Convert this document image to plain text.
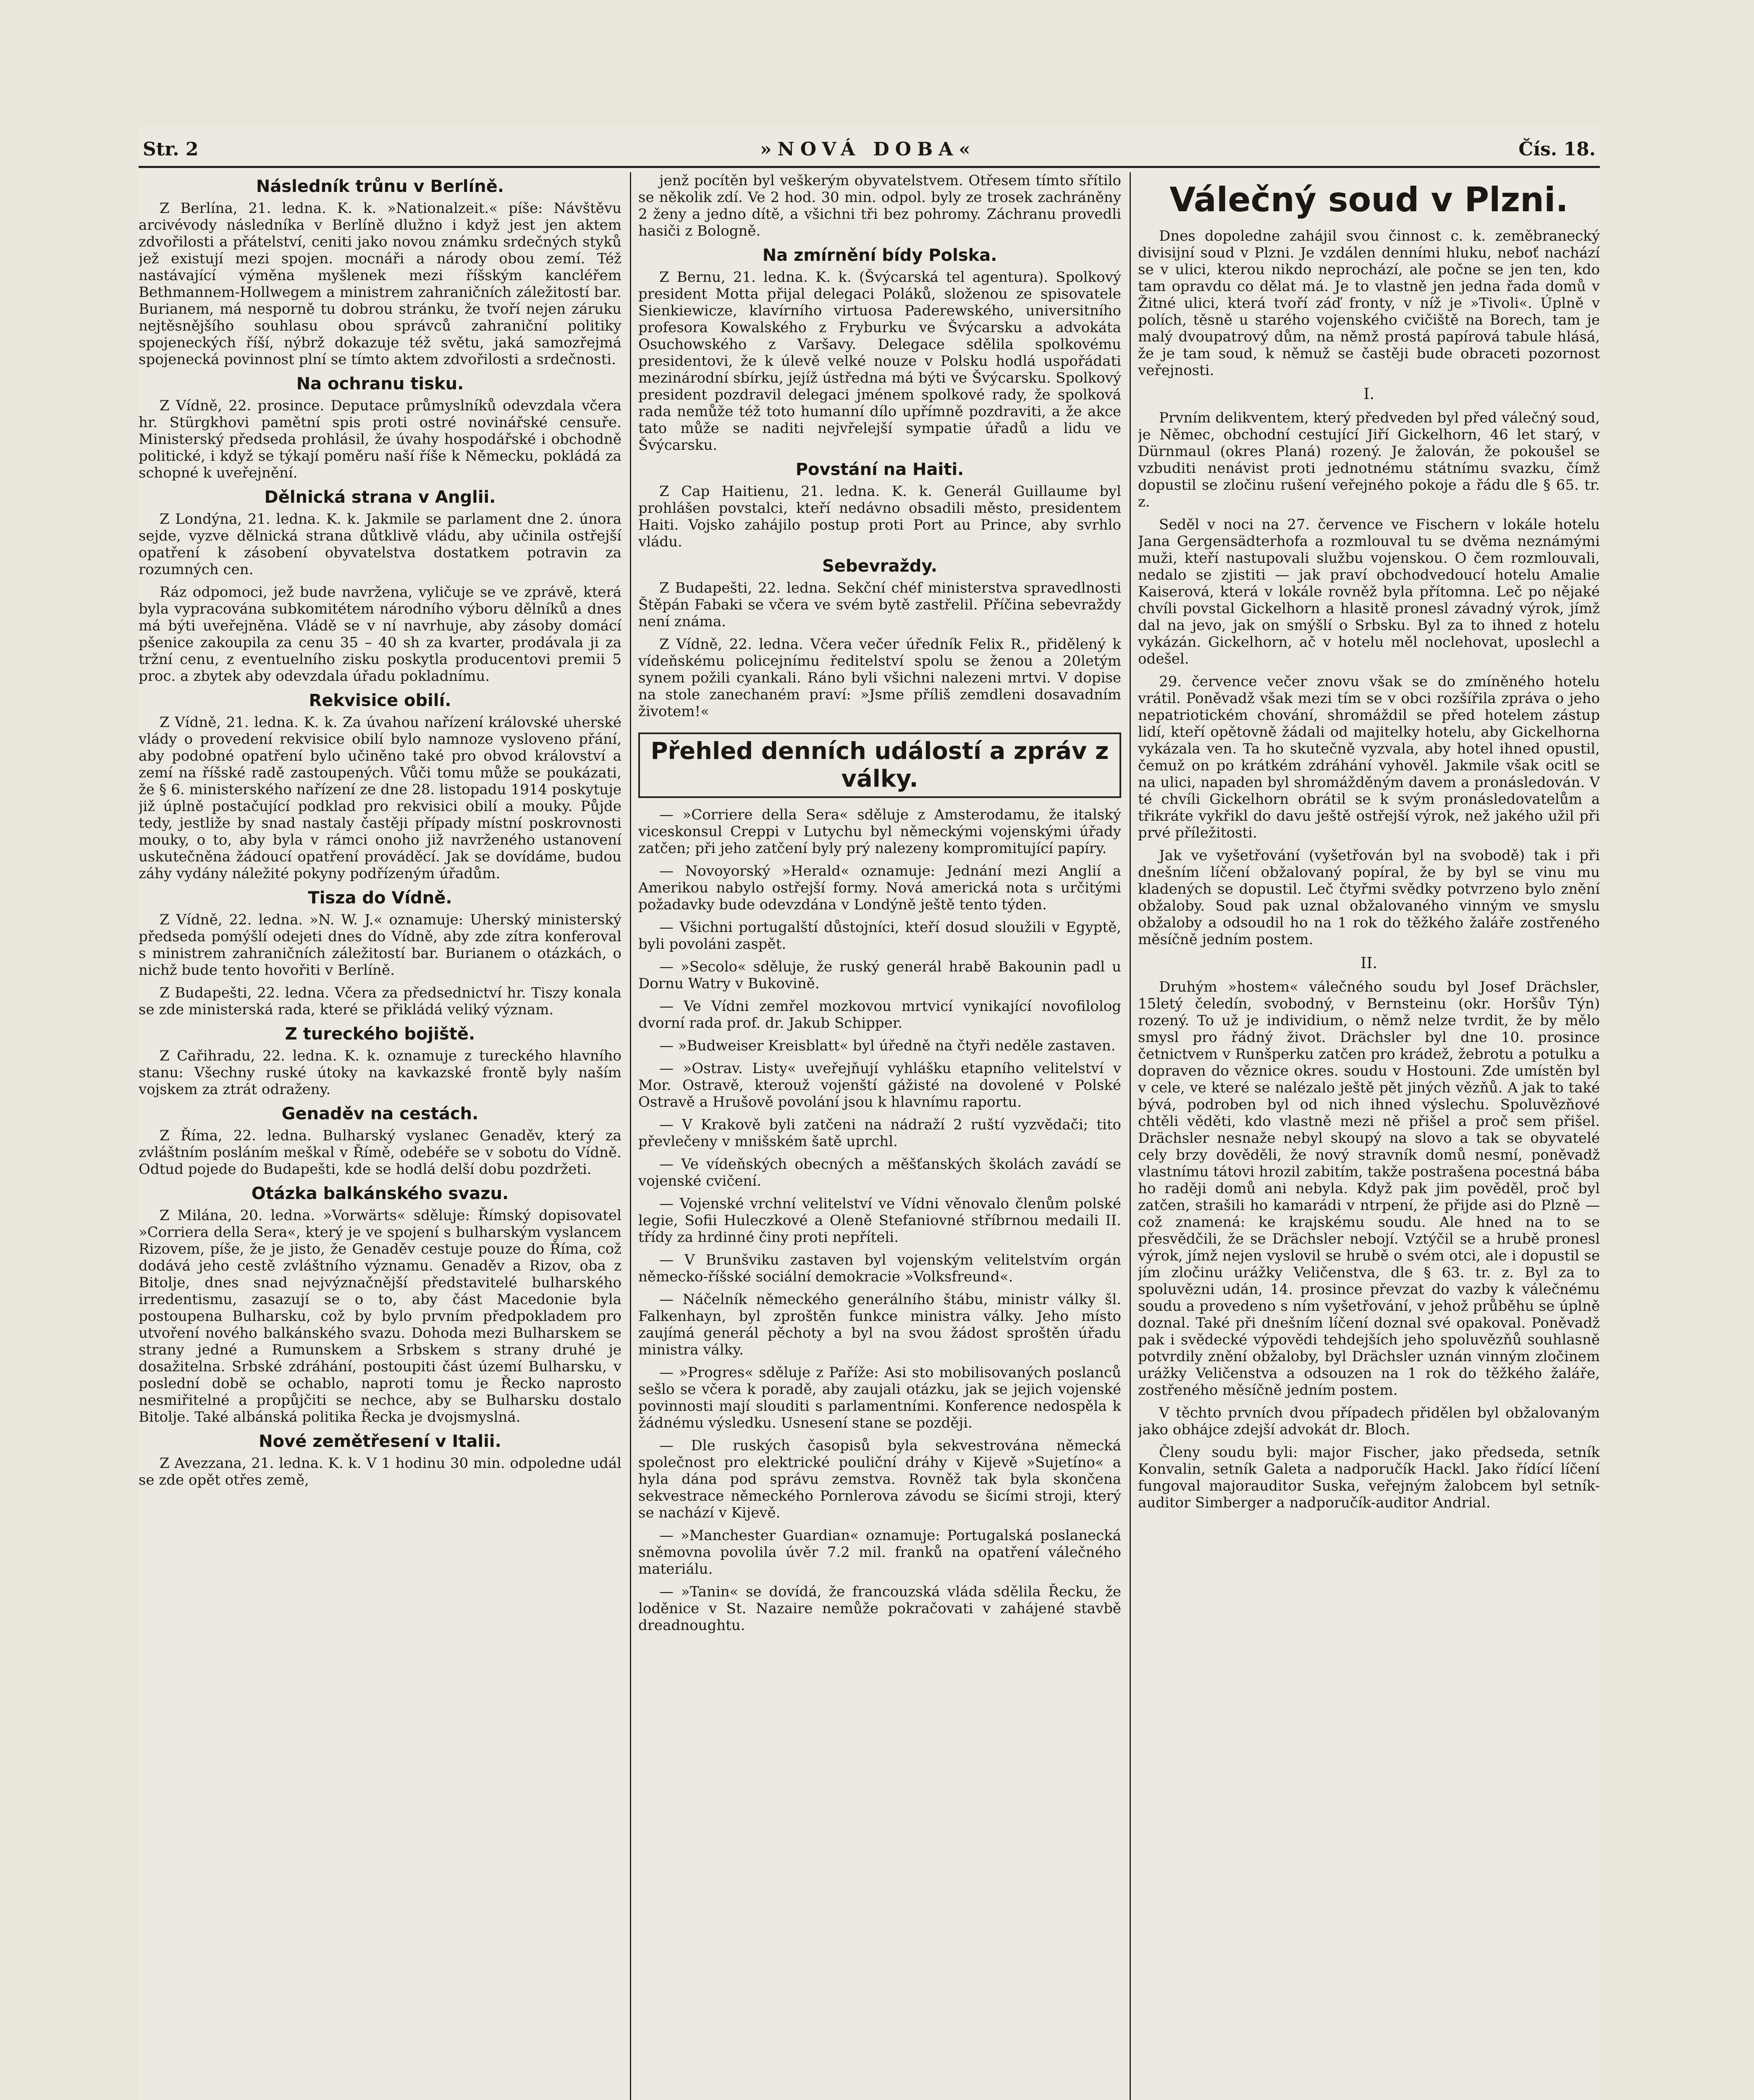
Str. 2	»NOVÁ DOBA«	Čís. 18.
Následník trůnu v Berlíně.

Z Berlína, 21. ledna. K. k. »Nationalzeit.« píše: Návštěvu arcivévody následníka v Berlíně dlužno i když jest jen aktem zdvořilosti a přátelství, ceniti jako novou známku srdečných styků jež existují mezi spojen. mocnáři a národy obou zemí. Též nastávající výměna myšlenek mezi říšským kancléřem Bethmannem-Hollwegem a ministrem zahraničních záležitostí bar. Burianem, má nesporně tu dobrou stránku, že tvoří nejen záruku nejtěsnějšího souhlasu obou správců zahraniční politiky spojeneckých říší, nýbrž dokazuje též světu, jaká samozřejmá spojenecká povinnost plní se tímto aktem zdvořilosti a srdečnosti.

Na ochranu tisku.

Z Vídně, 22. prosince. Deputace průmyslníků odevzdala včera hr. Stürgkhovi pamětní spis proti ostré novinářské censuře. Ministerský předseda prohlásil, že úvahy hospodářské i obchodně politické, i když se týkají poměru naší říše k Německu, pokládá za schopné k uveřejnění.

Dělnická strana v Anglii.

Z Londýna, 21. ledna. K. k. Jakmile se parlament dne 2. února sejde, vyzve dělnická strana důtklivě vládu, aby učinila ostřejší opatření k zásobení obyvatelstva dostatkem potravin za rozumných cen.

Ráz odpomoci, jež bude navržena, vyličuje se ve zprávě, která byla vypracována subkomitétem národního výboru dělníků a dnes má býti uveřejněna. Vládě se v ní navrhuje, aby zásoby domácí pšenice zakoupila za cenu 35 – 40 sh za kvarter, prodávala ji za tržní cenu, z eventuelního zisku poskytla producentovi premii 5 proc. a zbytek aby odevzdala úřadu pokladnímu.

Rekvisice obilí.

Z Vídně, 21. ledna. K. k. Za úvahou nařízení královské uherské vlády o provedení rekvisice obilí bylo namnoze vysloveno přání, aby podobné opatření bylo učiněno také pro obvod království a zemí na říšské radě zastoupených. Vůči tomu může se poukázati, že § 6. ministerského nařízení ze dne 28. listopadu 1914 poskytuje již úplně postačující podklad pro rekvisici obilí a mouky. Půjde tedy, jestliže by snad nastaly častěji případy místní poskrovnosti mouky, o to, aby byla v rámci onoho již navrženého ustanovení uskutečněna žádoucí opatření prováděcí. Jak se dovídáme, budou záhy vydány náležité pokyny podřízeným úřadům.

Tisza do Vídně.

Z Vídně, 22. ledna. »N. W. J.« oznamuje: Uherský ministerský předseda pomýšlí odejeti dnes do Vídně, aby zde zítra konferoval s ministrem zahraničních záležitostí bar. Burianem o otázkách, o nichž bude tento hovořiti v Berlíně.

Z Budapešti, 22. ledna. Včera za předsednictví hr. Tiszy konala se zde ministerská rada, které se přikládá veliký význam.

Z tureckého bojiště.

Z Cařihradu, 22. ledna. K. k. oznamuje z tureckého hlavního stanu: Všechny ruské útoky na kavkazské frontě byly naším vojskem za ztrát odraženy.

Genaděv na cestách.

Z Říma, 22. ledna. Bulharský vyslanec Genaděv, který za zvláštním posláním meškal v Římě, odebéře se v sobotu do Vídně. Odtud pojede do Budapešti, kde se hodlá delší dobu pozdržeti.

Otázka balkánského svazu.

Z Milána, 20. ledna. »Vorwärts« sděluje: Římský dopisovatel »Corriera della Sera«, který je ve spojení s bulharským vyslancem Rizovem, píše, že je jisto, že Genaděv cestuje pouze do Říma, což dodává jeho cestě zvláštního významu. Genaděv a Rizov, oba z Bitolje, dnes snad nejvýznačnější představitelé bulharského irredentismu, zasazují se o to, aby část Macedonie byla postoupena Bulharsku, což by bylo prvním předpokladem pro utvoření nového balkánského svazu. Dohoda mezi Bulharskem se strany jedné a Rumunskem a Srbskem s strany druhé je dosažitelna. Srbské zdráhání, postoupiti část území Bulharsku, v poslední době se ochablo, naproti tomu je Řecko naprosto nesmiřitelné a propůjčiti se nechce, aby se Bulharsku dostalo Bitolje. Také albánská politika Řecka je dvojsmyslná.

Nové zemětřesení v Italii.

Z Avezzana, 21. ledna. K. k. V 1 hodinu 30 min. odpoledne udál se zde opět otřes země,

jenž pocítěn byl veškerým obyvatelstvem. Otřesem tímto sřítilo se několik zdí. Ve 2 hod. 30 min. odpol. byly ze trosek zachráněny 2 ženy a jedno dítě, a všichni tři bez pohromy. Záchranu provedli hasiči z Bologně.

Na zmírnění bídy Polska.

Z Bernu, 21. ledna. K. k. (Švýcarská tel agentura). Spolkový president Motta přijal delegaci Poláků, složenou ze spisovatele Sienkiewicze, klavírního virtuosa Paderewského, universitního profesora Kowalského z Fryburku ve Švýcarsku a advokáta Osuchowského z Varšavy. Delegace sdělila spolkovému presidentovi, že k úlevě velké nouze v Polsku hodlá uspořádati mezinárodní sbírku, jejíž ústředna má býti ve Švýcarsku. Spolkový president pozdravil delegaci jménem spolkové rady, že spolková rada nemůže též toto humanní dílo upřímně pozdraviti, a že akce tato může se naditi nejvřelejší sympatie úřadů a lidu ve Švýcarsku.

Povstání na Haiti.

Z Cap Haitienu, 21. ledna. K. k. Generál Guillaume byl prohlášen povstalci, kteří nedávno obsadili město, presidentem Haiti. Vojsko zahájilo postup proti Port au Prince, aby svrhlo vládu.

Sebevraždy.

Z Budapešti, 22. ledna. Sekční chéf ministerstva spravedlnosti Štěpán Fabaki se včera ve svém bytě zastřelil. Příčina sebevraždy není známa.

Z Vídně, 22. ledna. Včera večer úředník Felix R., přidělený k vídeňskému policejnímu ředitelství spolu se ženou a 20letým synem požili cyankali. Ráno byli všichni nalezeni mrtvi. V dopise na stole zanechaném praví: »Jsme příliš zemdleni dosavadním životem!«

Přehled denních událostí a zpráv z války.

— »Corriere della Sera« sděluje z Amsterodamu, že italský viceskonsul Creppi v Lutychu byl německými vojenskými úřady zatčen; při jeho zatčení byly prý nalezeny kompromitující papíry.

— Novoyorský »Herald« oznamuje: Jednání mezi Anglií a Amerikou nabylo ostřejší formy. Nová americká nota s určitými požadavky bude odevzdána v Londýně ještě tento týden.

— Všichni portugalští důstojníci, kteří dosud sloužili v Egyptě, byli povoláni zaspět.

— »Secolo« sděluje, že ruský generál hrabě Bakounin padl u Dornu Watry v Bukovině.

— Ve Vídni zemřel mozkovou mrtvicí vynikající novofilolog dvorní rada prof. dr. Jakub Schipper.

— »Budweiser Kreisblatt« byl úředně na čtyři neděle zastaven.

— »Ostrav. Listy« uveřejňují vyhlášku etapního velitelství v Mor. Ostravě, kterouž vojenští gážisté na dovolené v Polské Ostravě a Hrušově povolání jsou k hlavnímu raportu.

— V Krakově byli zatčeni na nádraží 2 ruští vyzvědači; tito převlečeny v mnišském šatě uprchl.

— Ve vídeňských obecných a měšťanských školách zavádí se vojenské cvičení.

— Vojenské vrchní velitelství ve Vídni věnovalo členům polské legie, Sofii Huleczkové a Oleně Stefaniovné stříbrnou medaili II. třídy za hrdinné činy proti nepříteli.

— V Brunšviku zastaven byl vojenským velitelstvím orgán německo-říšské sociální demokracie »Volksfreund«.

— Náčelník německého generálního štábu, ministr války šl. Falkenhayn, byl zproštěn funkce ministra války. Jeho místo zaujímá generál pěchoty a byl na svou žádost sproštěn úřadu ministra války.

— »Progres« sděluje z Paříže: Asi sto mobilisovaných poslanců sešlo se včera k poradě, aby zaujali otázku, jak se jejich vojenské povinnosti mají slouditi s parlamentními. Konference nedospěla k žádnému výsledku. Usnesení stane se později.

— Dle ruských časopisů byla sekvestrována německá společnost pro elektrické pouliční dráhy v Kijevě »Sujetíno« a hyla dána pod správu zemstva. Rovněž tak byla skončena sekvestrace německého Pornlerova závodu se šicími stroji, který se nachází v Kijevě.

— »Manchester Guardian« oznamuje: Portugalská poslanecká sněmovna povolila úvěr 7.2 mil. franků na opatření válečného materiálu.

— »Tanin« se dovídá, že francouzská vláda sdělila Řecku, že loděnice v St. Nazaire nemůže pokračovati v zahájené stavbě dreadnoughtu.

Válečný soud v Plzni.

Dnes dopoledne zahájil svou činnost c. k. zeměbranecký divisijní soud v Plzni. Je vzdálen denními hluku, neboť nachází se v ulici, kterou nikdo neprochází, ale počne se jen ten, kdo tam opravdu co dělat má. Je to vlastně jen jedna řada domů v Žitné ulici, která tvoří záď fronty, v níž je »Tivoli«. Úplně v polích, těsně u starého vojenského cvičiště na Borech, tam je malý dvoupatrový dům, na němž prostá papírová tabule hlásá, že je tam soud, k němuž se častěji bude obraceti pozornost veřejnosti.

I.

Prvním delikventem, který předveden byl před válečný soud, je Němec, obchodní cestující Jiří Gickelhorn, 46 let starý, v Dürnmaul (okres Planá) rozený. Je žalován, že pokoušel se vzbuditi nenávist proti jednotnému státnímu svazku, čímž dopustil se zločinu rušení veřejného pokoje a řádu dle § 65. tr. z.

Seděl v noci na 27. července ve Fischern v lokále hotelu Jana Gergensädterhofa a rozmlouval tu se dvěma neznámými muži, kteří nastupovali službu vojenskou. O čem rozmlouvali, nedalo se zjistiti — jak praví obchodvedoucí hotelu Amalie Kaiserová, která v lokále rovněž byla přítomna. Leč po nějaké chvíli povstal Gickelhorn a hlasitě pronesl závadný výrok, jímž dal na jevo, jak on smýšlí o Srbsku. Byl za to ihned z hotelu vykázán. Gickelhorn, ač v hotelu měl noclehovat, uposlechl a odešel.

29. července večer znovu však se do zmíněného hotelu vrátil. Poněvadž však mezi tím se v obci rozšířila zpráva o jeho nepatriotickém chování, shromáždil se před hotelem zástup lidí, kteří opětovně žádali od majitelky hotelu, aby Gickelhorna vykázala ven. Ta ho skutečně vyzvala, aby hotel ihned opustil, čemuž on po krátkém zdráhání vyhověl. Jakmile však ocitl se na ulici, napaden byl shromážděným davem a pronásledován. V té chvíli Gickelhorn obrátil se k svým pronásledovatelům a třikráte vykřikl do davu ještě ostřejší výrok, než jakého užil při prvé příležitosti.

Jak ve vyšetřování (vyšetřován byl na svobodě) tak i při dnešním líčení obžalovaný popíral, že by byl se vinu mu kladených se dopustil. Leč čtyřmi svědky potvrzeno bylo znění obžaloby. Soud pak uznal obžalovaného vinným ve smyslu obžaloby a odsoudil ho na 1 rok do těžkého žaláře zostřeného měsíčně jedním postem.

II.

Druhým »hostem« válečného soudu byl Josef Drächsler, 15letý čeledín, svobodný, v Bernsteinu (okr. Horšův Týn) rozený. To už je individium, o němž nelze tvrdit, že by mělo smysl pro řádný život. Drächsler byl dne 10. prosince četnictvem v Runšperku zatčen pro krádež, žebrotu a potulku a dopraven do věznice okres. soudu v Hostouni. Zde umístěn byl v cele, ve které se nalézalo ještě pět jiných vězňů. A jak to také bývá, podroben byl od nich ihned výslechu. Spoluvězňové chtěli věděti, kdo vlastně mezi ně přišel a proč sem přišel. Drächsler nesnaže nebyl skoupý na slovo a tak se obyvatelé cely brzy dověděli, že nový stravník domů nesmí, poněvadž vlastnímu tátovi hrozil zabitím, takže postrašena pocestná bába ho raději domů ani nebyla. Když pak jim pověděl, proč byl zatčen, strašili ho kamarádi v ntrpení, že přijde asi do Plzně — což znamená: ke krajskému soudu. Ale hned na to se přesvědčili, že se Drächsler nebojí. Vztýčil se a hrubě pronesl výrok, jímž nejen vyslovil se hrubě o svém otci, ale i dopustil se jím zločinu urážky Veličenstva, dle § 63. tr. z. Byl za to spoluvězni udán, 14. prosince převzat do vazby k válečnému soudu a provedeno s ním vyšetřování, v jehož průběhu se úplně doznal. Také při dnešním líčení doznal své opakoval. Poněvadž pak i svědecké výpovědi tehdejších jeho spoluvězňů souhlasně potvrdily znění obžaloby, byl Drächsler uznán vinným zločinem urážky Veličenstva a odsouzen na 1 rok do těžkého žaláře, zostřeného měsíčně jedním postem.

V těchto prvních dvou případech přidělen byl obžalovaným jako obhájce zdejší advokát dr. Bloch.

Členy soudu byli: major Fischer, jako předseda, setník Konvalin, setník Galeta a nadporučík Hackl. Jako řídící líčení fungoval majorauditor Suska, veřejným žalobcem byl setník-auditor Simberger a nadporučík-auditor Andrial.
